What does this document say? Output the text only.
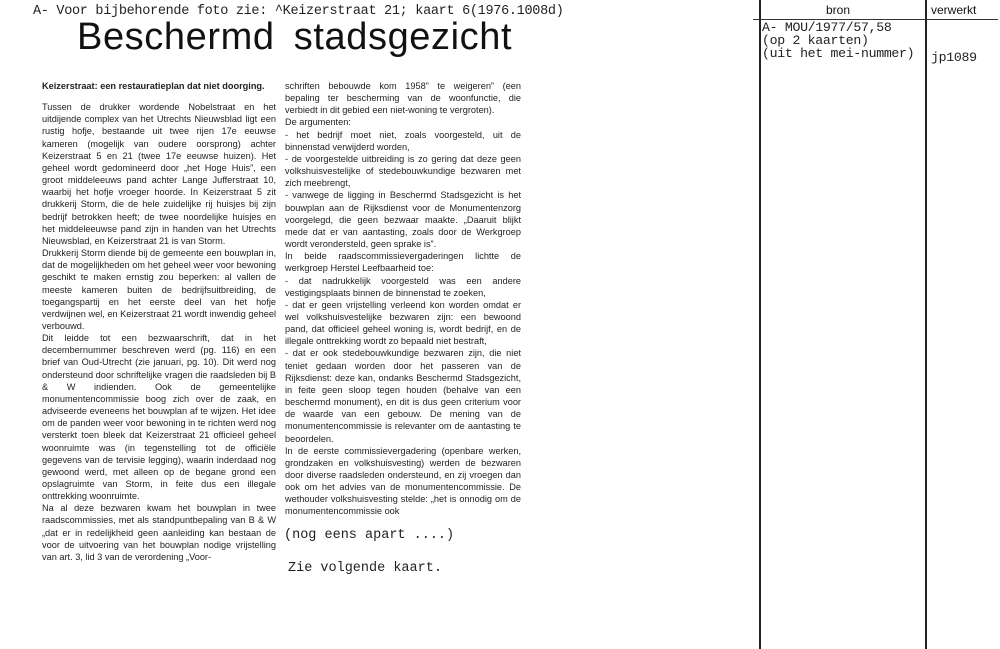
A- Voor bijbehorende foto zie: ^Keizerstraat 21; kaart 6(1976.1008d)
Beschermd stadsgezicht
Keizerstraat: een restauratieplan dat niet doorging.

Tussen de drukker wordende Nobelstraat en het uitdijende complex van het Utrechts Nieuwsblad ligt een rustig hofje, bestaande uit twee rijen 17e eeuwse kameren (mogelijk van oudere oorsprong) achter Keizerstraat 5 en 21 (twee 17e eeuwse huizen). Het geheel wordt gedomineerd door „het Hoge Huis”, een groot middeleeuws pand achter Lange Jufferstraat 10, waarbij het hofje vroeger hoorde. In Keizerstraat 5 zit drukkerij Storm, die de hele zuidelijke rij huisjes bij zijn bedrijf betrokken heeft; de twee noordelijke huisjes en het middeleeuwse pand zijn in handen van het Utrechts Nieuwsblad, en Keizerstraat 21 is van Storm.

Drukkerij Storm diende bij de gemeente een bouwplan in, dat de mogelijkheden om het geheel weer voor bewoning geschikt te maken ernstig zou beperken: al vallen de meeste kameren buiten de bedrijfsuitbreiding, de toegangspartij en het eerste deel van het hofje verdwijnen wel, en Keizerstraat 21 wordt inwendig geheel verbouwd.

Dit leidde tot een bezwaarschrift, dat in het decembernummer beschreven werd (pg. 116) en een brief van Oud-Utrecht (zie januari, pg. 10). Dit werd nog ondersteund door schriftelijke vragen die raadsleden bij B & W indienden. Ook de gemeentelijke monumentencommissie boog zich over de zaak, en adviseerde eveneens het bouwplan af te wijzen. Het idee om de panden weer voor bewoning in te richten werd nog versterkt toen bleek dat Keizerstraat 21 officieel geheel woonruimte was (in tegenstelling tot de officiële gegevens van de tervisie legging), waarin inderdaad nog gewoond werd, met alleen op de begane grond een opslagruimte van Storm, in feite dus een illegale onttrekking woonruimte.

Na al deze bezwaren kwam het bouwplan in twee raadscommissies, met als standpuntbepaling van B & W „dat er in redelijkheid geen aanleiding kan bestaan de voor de uitvoering van het bouwplan nodige vrijstelling van art. 3, lid 3 van de verordening „Voor-

schriften bebouwde kom 1958” te weigeren” (een bepaling ter bescherming van de woonfunctie, die verbiedt in dit gebied een niet-woning te vergroten).

De argumenten:

- het bedrijf moet niet, zoals voorgesteld, uit de binnenstad verwijderd worden,

- de voorgestelde uitbreiding is zo gering dat deze geen volkshuisvestelijke of stedebouwkundige bezwaren met zich meebrengt,

- vanwege de ligging in Beschermd Stadsgezicht is het bouwplan aan de Rijksdienst voor de Monumentenzorg voorgelegd, die geen bezwaar maakte. „Daaruit blijkt mede dat er van aantasting, zoals door de Werkgroep wordt verondersteld, geen sprake is”.

In beide raadscommissievergaderingen lichtte de werkgroep Herstel Leefbaarheid toe:

- dat nadrukkelijk voorgesteld was een andere vestigingsplaats binnen de binnenstad te zoeken,

- dat er geen vrijstelling verleend kon worden omdat er wel volkshuisvestelijke bezwaren zijn: een bewoond pand, dat officieel geheel woning is, wordt bedrijf, en de illegale onttrekking wordt zo bepaald niet bestraft,

- dat er ook stedebouwkundige bezwaren zijn, die niet teniet gedaan worden door het passeren van de Rijksdienst: deze kan, ondanks Beschermd Stadsgezicht, in feite geen sloop tegen houden (behalve van een beschermd monument), en dit is dus geen criterium voor de waarde van een gebouw. De mening van de monumentencommissie is relevanter om de aantasting te beoordelen.

In de eerste commissievergadering (openbare werken, grondzaken en volkshuisvesting) werden de bezwaren door diverse raadsleden ondersteund, en zij vroegen dan ook om het advies van de monumentencommissie. De wethouder volkshuisvesting stelde: „het is onnodig om de monumentencommissie ook

(nog eens apart ....)
Zie volgende kaart.
bron	verwerkt
A- MOU/1977/57,58
(op 2 kaarten)
(uit het mei-nummer) jp1089
